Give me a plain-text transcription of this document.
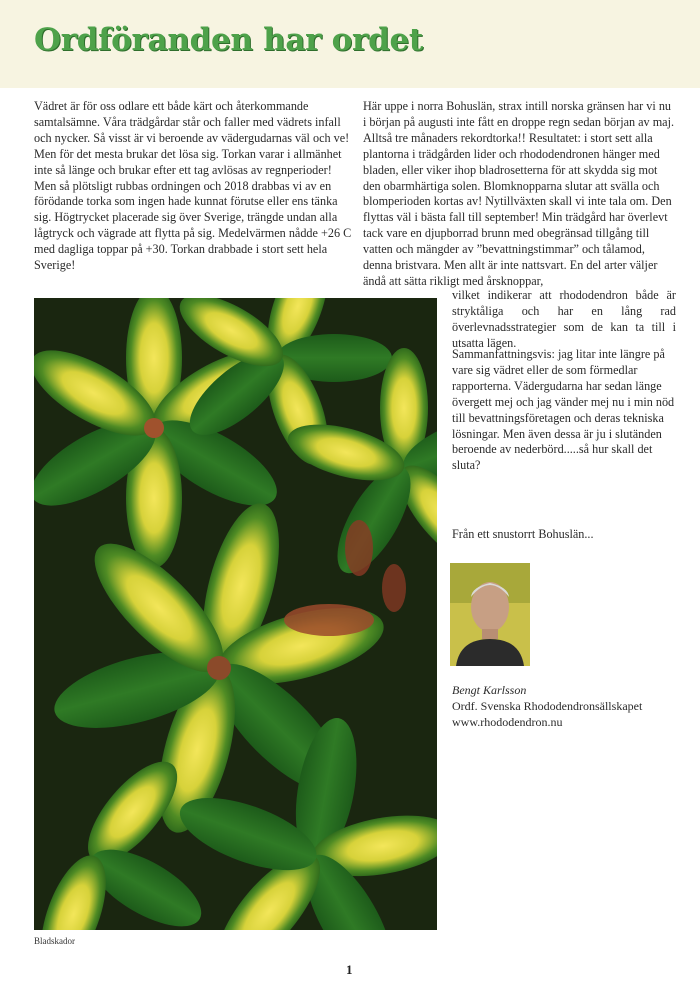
Ordföranden har ordet

Vädret är för oss odlare ett både kärt och återkommande samtalsämne. Våra trädgårdar står och faller med vädrets infall och nycker. Så visst är vi beroende av vädergudarnas väl och ve! Men för det mesta brukar det lösa sig. Torkan varar i allmänhet inte så länge och brukar efter ett tag avlösas av regnperioder! Men så plötsligt rubbas ordningen och 2018 drabbas vi av en förödande torka som ingen hade kunnat förutse eller ens tänka sig. Högtrycket placerade sig över Sverige, trängde undan alla lågtryck och vägrade att flytta på sig. Medelvärmen nådde +26 C med dagliga toppar på +30. Torkan drabbade i stort sett hela Sverige!

Här uppe i norra Bohuslän, strax intill norska gränsen har vi nu i början på augusti inte fått en droppe regn sedan början av maj. Alltså tre månaders rekordtorka!! Resultatet: i stort sett alla plantorna i trädgården lider och rhododendronen hänger med bladen, eller viker ihop bladrosetterna för att skydda sig mot den obarmhärtiga solen. Blomknopparna slutar att svälla och blomperioden kortas av! Nytillväxten skall vi inte tala om. Den flyttas väl i bästa fall till september! Min trädgård har överlevt tack vare en djupborrad brunn med obegränsad tillgång till vatten och mängder av ”bevattningstimmar” och tålamod, denna bristvara. Men allt är inte nattsvart. En del arter väljer ändå att sätta rikligt med årsknoppar,

vilket indikerar att rhododendron både är stryktåliga och har en lång rad överlevnadsstrategier som de kan ta till i utsatta lägen.

Sammanfattningsvis: jag litar inte längre på vare sig vädret eller de som förmedlar rapporterna. Vädergudarna har sedan länge övergett mej och jag vänder mej nu i min nöd till bevattningsföretagen och deras tekniska lösningar. Men även dessa är ju i slutänden beroende av nederbörd.....så hur skall det sluta?

Från ett snustorrt Bohuslän...
Bladskador
Bengt Karlsson
Ordf. Svenska Rhododendronsällskapet
www.rhododendron.nu
1
